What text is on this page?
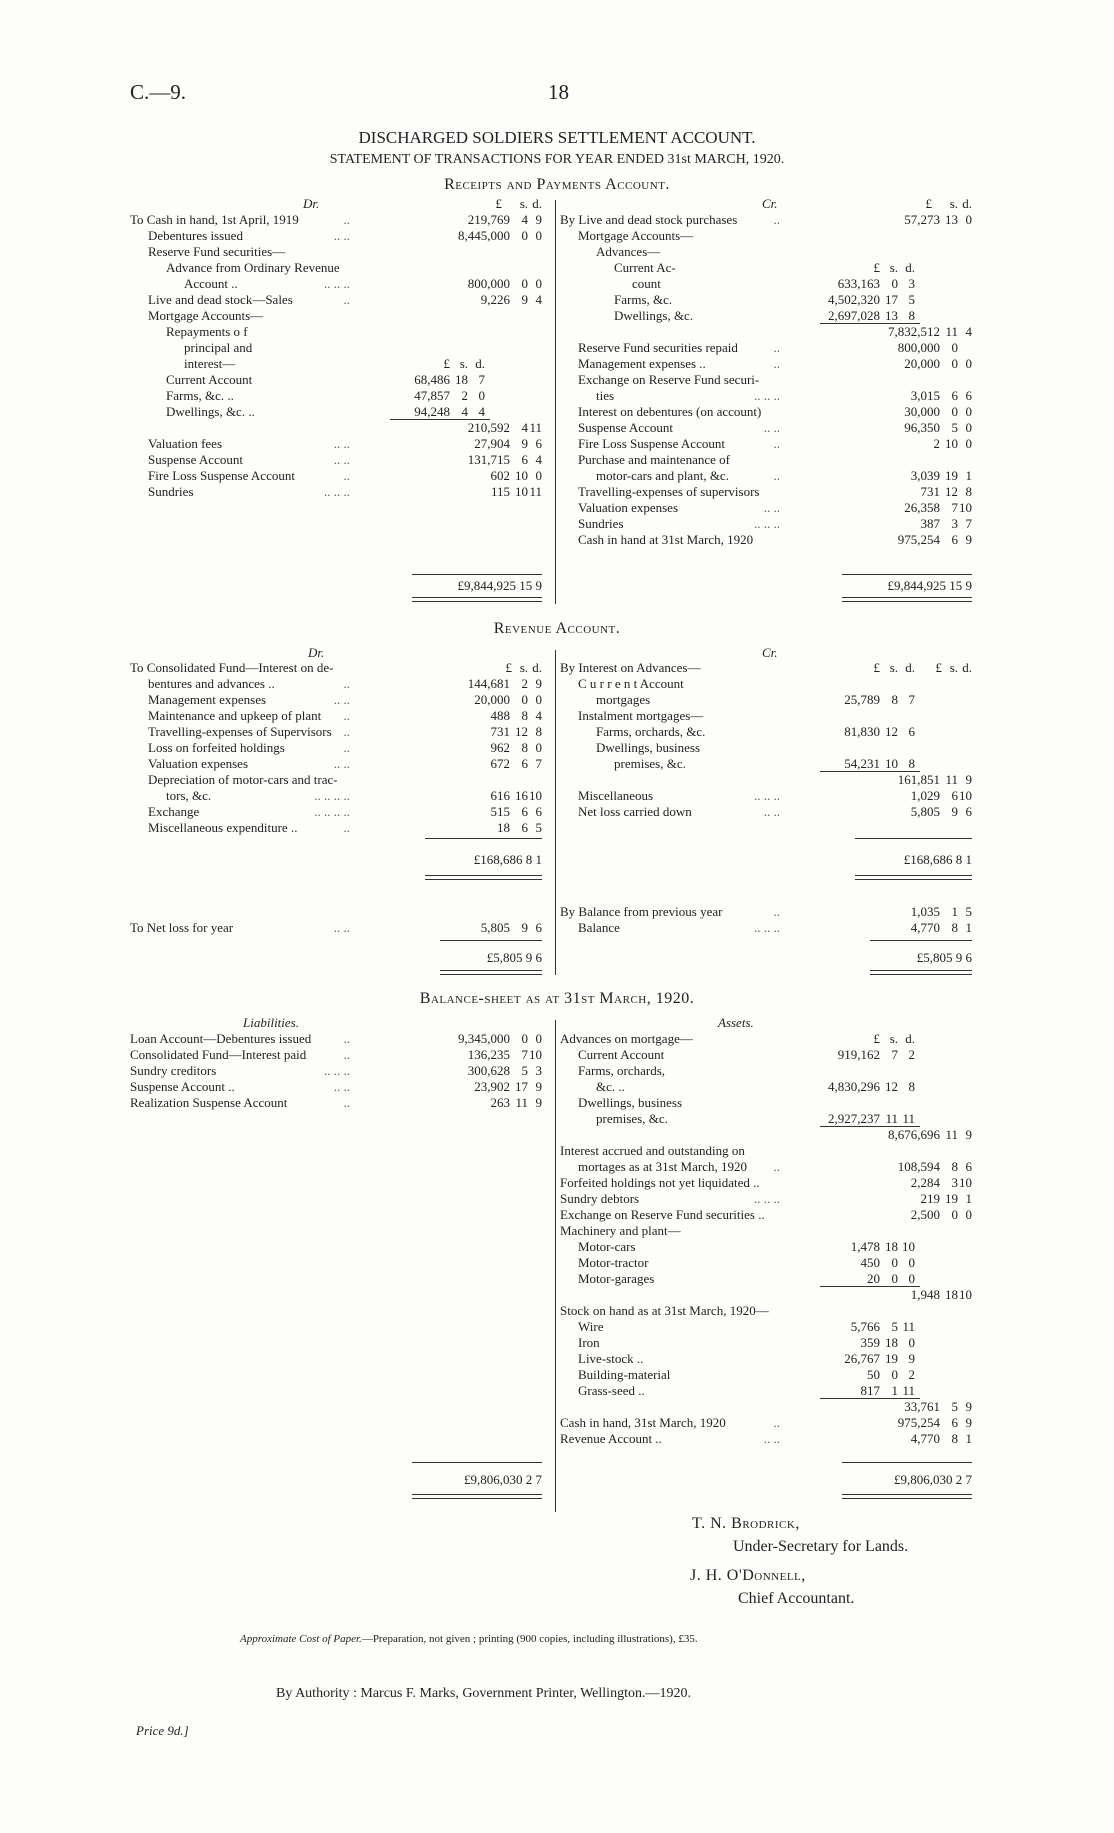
C.—9.	18
DISCHARGED SOLDIERS SETTLEMENT ACCOUNT.
STATEMENT OF TRANSACTIONS FOR YEAR ENDED 31st MARCH, 1920.
Receipts and Payments Account.
Dr.	Cr.
£ s. d.
To Cash in hand, 1st April, 1919	..	219,769 4 9
Debentures issued	.. ..	8,445,000 0 0
Reserve Fund securities—
Advance from Ordinary Revenue
Account ..	.. .. ..	800,000 0 0
Live and dead stock—Sales	..	9,226 9 4
Mortgage Accounts—
Repayments o f
principal and
interest—	£ s. d.
Current Account	68,486 18 7
Farms, &c. ..	47,857 2 0
Dwellings, &c. ..	94,248 4 4
210,592 4 11
Valuation fees	.. ..	27,904 9 6
Suspense Account	.. ..	131,715 6 4
Fire Loss Suspense Account	..	602 10 0
Sundries	.. .. ..	115 10 11
£ s. d.
By Live and dead stock purchases	..	57,273 13 0
Mortgage Accounts—
Advances—
Current Ac-	£ s. d.
count	633,163 0 3
Farms, &c.	4,502,320 17 5
Dwellings, &c.	2,697,028 13 8
7,832,512 11 4
Reserve Fund securities repaid	..	800,000 0
Management expenses ..	..	20,000 0 0
Exchange on Reserve Fund securi-
ties	.. .. ..	3,015 6 6
Interest on debentures (on account)	30,000 0 0
Suspense Account	.. ..	96,350 5 0
Fire Loss Suspense Account	..	2 10 0
Purchase and maintenance of
motor-cars and plant, &c.	..	3,039 19 1
Travelling-expenses of supervisors	731 12 8
Valuation expenses	.. ..	26,358 7 10
Sundries	.. .. ..	387 3 7
Cash in hand at 31st March, 1920	975,254 6 9
£9,844,925 15 9	£9,844,925 15 9
Revenue Account.
Dr.	Cr.
To Consolidated Fund—Interest on de-	£ s. d.
bentures and advances ..	..	144,681 2 9
Management expenses	.. ..	20,000 0 0
Maintenance and upkeep of plant ..	488 8 4
Travelling-expenses of Supervisors ..	731 12 8
Loss on forfeited holdings	..	962 8 0
Valuation expenses	.. ..	672 6 7
Depreciation of motor-cars and trac-
tors, &c.	.. .. .. ..	616 16 10
Exchange	.. .. .. ..	515 6 6
Miscellaneous expenditure ..	..	18 6 5
By Interest on Advances—	£ s. d. £ s. d.
C u r r e n t Account
mortgages	25,789 8 7
Instalment mortgages—
Farms, orchards, &c.	81,830 12 6
Dwellings, business
premises, &c.	54,231 10 8
161,851 11 9
Miscellaneous	.. .. ..	1,029 6 10
Net loss carried down	.. ..	5,805 9 6
£168,686 8 1	£168,686 8 1
To Net loss for year	.. ..	5,805 9 6
By Balance from previous year	..	1,035 1 5
Balance	.. .. ..	4,770 8 1
£5,805 9 6	£5,805 9 6
Balance-sheet as at 31st March, 1920.
Liabilities.	Assets.
Loan Account—Debentures issued ..	9,345,000 0 0
Consolidated Fund—Interest paid	..	136,235 7 10
Sundry creditors	.. .. ..	300,628 5 3
Suspense Account ..	.. ..	23,902 17 9
Realization Suspense Account	..	263 11 9
Advances on mortgage—	£ s. d.
Current Account	919,162 7 2
Farms, orchards,
&c. ..	4,830,296 12 8
Dwellings, business
premises, &c.	2,927,237 11 11
8,676,696 11 9
Interest accrued and outstanding on
mortages as at 31st March, 1920 ..	108,594 8 6
Forfeited holdings not yet liquidated ..	2,284 3 10
Sundry debtors	.. .. ..	219 19 1
Exchange on Reserve Fund securities ..	2,500 0 0
Machinery and plant—
Motor-cars	1,478 18 10
Motor-tractor	450 0 0
Motor-garages	20 0 0
1,948 18 10
Stock on hand as at 31st March, 1920—
Wire	5,766 5 11
Iron	359 18 0
Live-stock ..	26,767 19 9
Building-material	50 0 2
Grass-seed ..	817 1 11
33,761 5 9
Cash in hand, 31st March, 1920	..	975,254 6 9
Revenue Account ..	.. ..	4,770 8 1
£9,806,030 2 7	£9,806,030 2 7
T. N. Brodrick,
Under-Secretary for Lands.
J. H. O'Donnell,
Chief Accountant.
Approximate Cost of Paper.—Preparation, not given ; printing (900 copies, including illustrations), £35.
By Authority : Marcus F. Marks, Government Printer, Wellington.—1920.
Price 9d.]
